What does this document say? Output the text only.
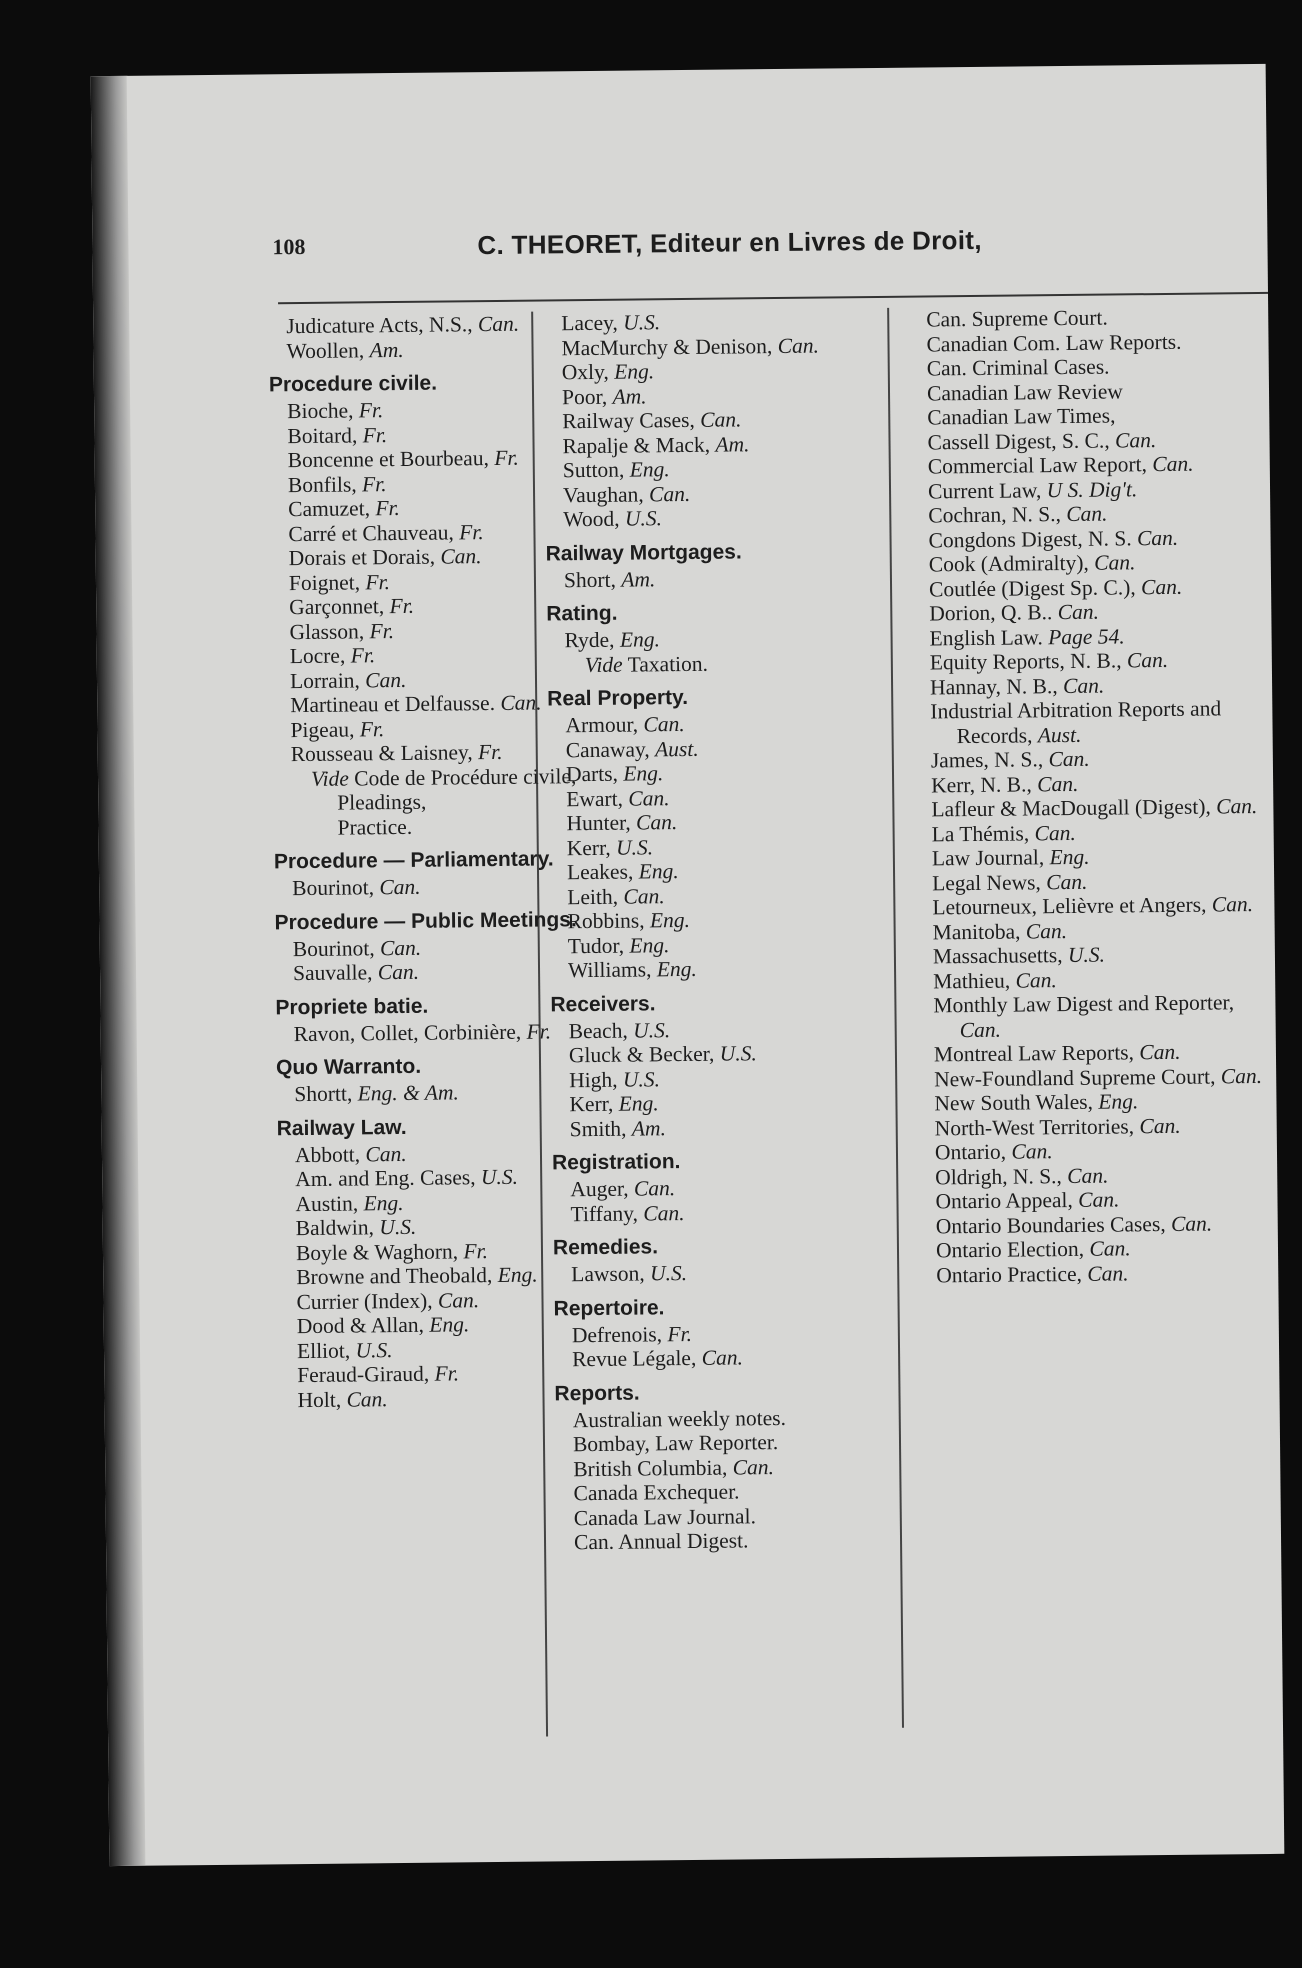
108	C. THEORET, Editeur en Livres de Droit,

Judicature Acts, N.S., Can.

Woollen, Am.

Procedure civile.

Bioche, Fr.

Boitard, Fr.

Boncenne et Bourbeau, Fr.

Bonfils, Fr.

Camuzet, Fr.

Carré et Chauveau, Fr.

Dorais et Dorais, Can.

Foignet, Fr.

Garçonnet, Fr.

Glasson, Fr.

Locre, Fr.

Lorrain, Can.

Martineau et Delfausse. Can.

Pigeau, Fr.

Rousseau & Laisney, Fr.

Vide Code de Procédure civile,

Pleadings,

Practice.

Procedure — Parliamentary.

Bourinot, Can.

Procedure — Public Meetings.

Bourinot, Can.

Sauvalle, Can.

Propriete batie.

Ravon, Collet, Corbinière, Fr.

Quo Warranto.

Shortt, Eng. & Am.

Railway Law.

Abbott, Can.

Am. and Eng. Cases, U.S.

Austin, Eng.

Baldwin, U.S.

Boyle & Waghorn, Fr.

Browne and Theobald, Eng.

Currier (Index), Can.

Dood & Allan, Eng.

Elliot, U.S.

Feraud-Giraud, Fr.

Holt, Can.

Lacey, U.S.

MacMurchy & Denison, Can.

Oxly, Eng.

Poor, Am.

Railway Cases, Can.

Rapalje & Mack, Am.

Sutton, Eng.

Vaughan, Can.

Wood, U.S.

Railway Mortgages.

Short, Am.

Rating.

Ryde, Eng.

Vide Taxation.

Real Property.

Armour, Can.

Canaway, Aust.

Darts, Eng.

Ewart, Can.

Hunter, Can.

Kerr, U.S.

Leakes, Eng.

Leith, Can.

Robbins, Eng.

Tudor, Eng.

Williams, Eng.

Receivers.

Beach, U.S.

Gluck & Becker, U.S.

High, U.S.

Kerr, Eng.

Smith, Am.

Registration.

Auger, Can.

Tiffany, Can.

Remedies.

Lawson, U.S.

Repertoire.

Defrenois, Fr.

Revue Légale, Can.

Reports.

Australian weekly notes.

Bombay, Law Reporter.

British Columbia, Can.

Canada Exchequer.

Canada Law Journal.

Can. Annual Digest.

Can. Supreme Court.

Canadian Com. Law Reports.

Can. Criminal Cases.

Canadian Law Review

Canadian Law Times,

Cassell Digest, S. C., Can.

Commercial Law Report, Can.

Current Law, U S. Dig't.

Cochran, N. S., Can.

Congdons Digest, N. S. Can.

Cook (Admiralty), Can.

Coutlée (Digest Sp. C.), Can.

Dorion, Q. B.. Can.

English Law. Page 54.

Equity Reports, N. B., Can.

Hannay, N. B., Can.

Industrial Arbitration Reports and Records, Aust.

James, N. S., Can.

Kerr, N. B., Can.

Lafleur & MacDougall (Digest), Can.

La Thémis, Can.

Law Journal, Eng.

Legal News, Can.

Letourneux, Lelièvre et Angers, Can.

Manitoba, Can.

Massachusetts, U.S.

Mathieu, Can.

Monthly Law Digest and Reporter, Can.

Montreal Law Reports, Can.

New-Foundland Supreme Court, Can.

New South Wales, Eng.

North-West Territories, Can.

Ontario, Can.

Oldrigh, N. S., Can.

Ontario Appeal, Can.

Ontario Boundaries Cases, Can.

Ontario Election, Can.

Ontario Practice, Can.
